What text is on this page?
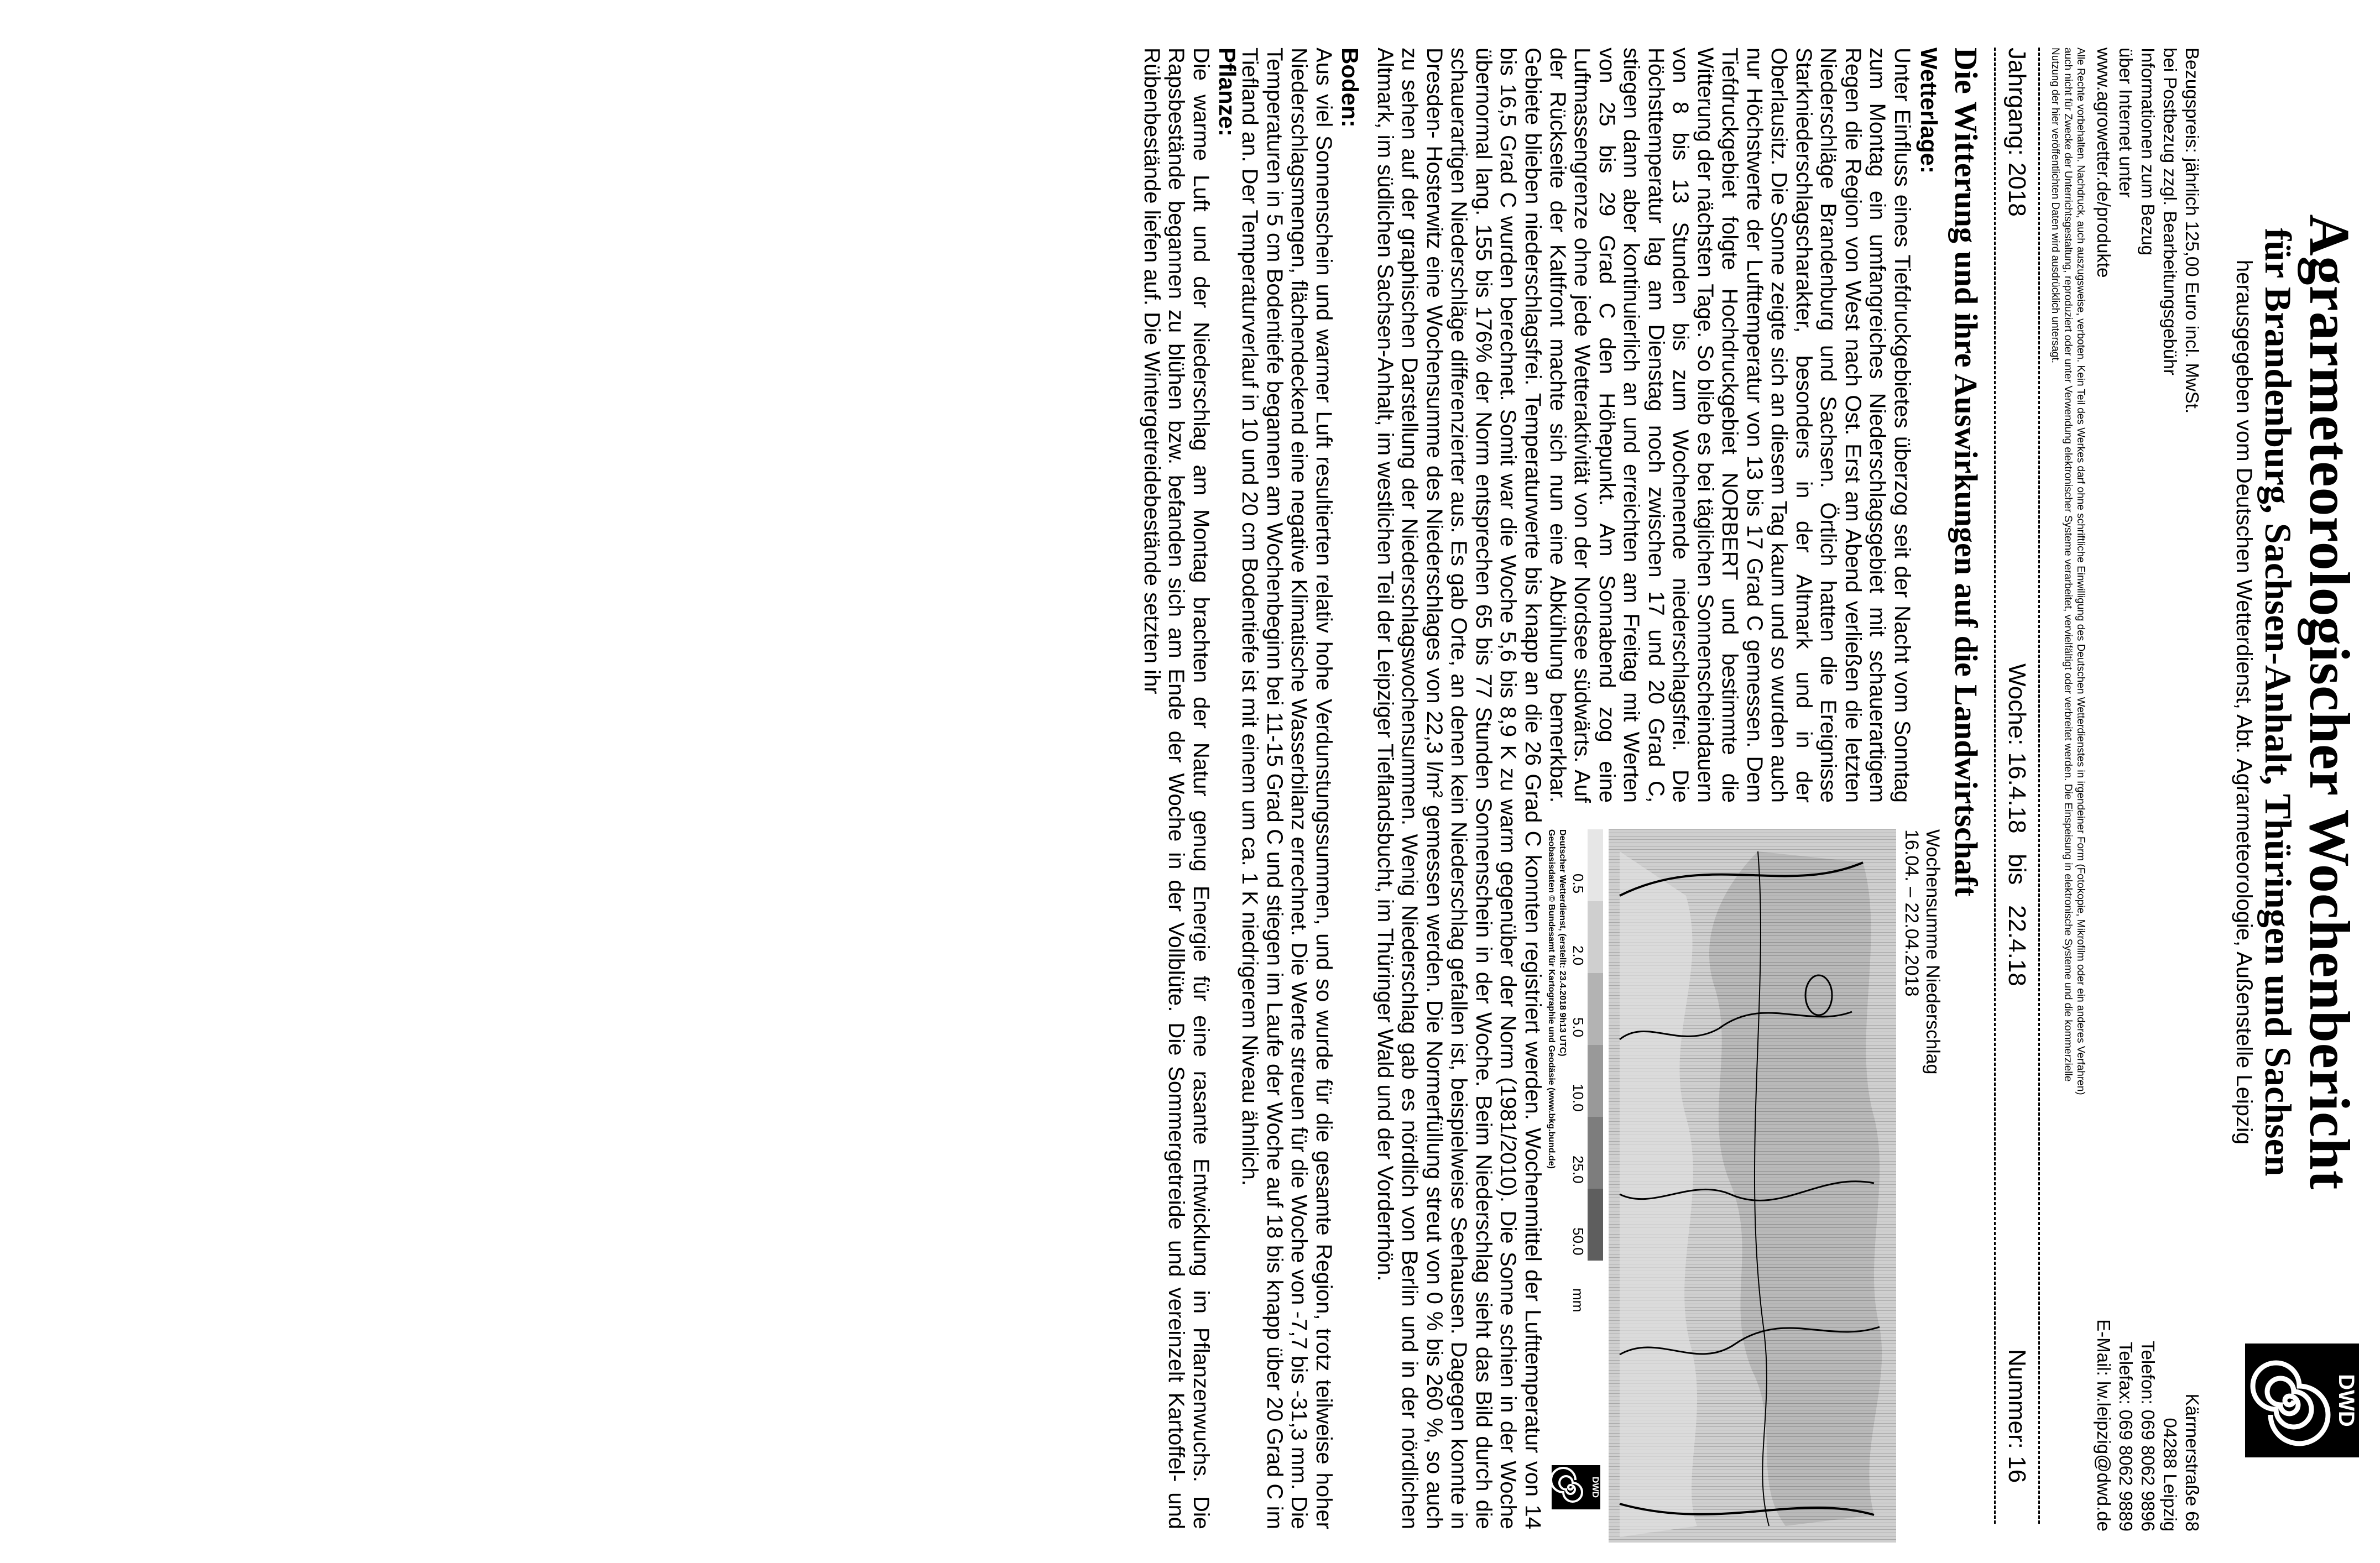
Agrarmeteorologischer Wochenbericht
für Brandenburg, Sachsen-Anhalt, Thüringen und Sachsen
herausgegeben vom Deutschen Wetterdienst, Abt. Agrarmeteorologie, Außenstelle Leipzig
DWD
Bezugspreis: jährlich 125,00 Euro incl. MwSt.
bei Postbezug zzgl. Bearbeitungsgebühr
Informationen zum Bezug
über Internet unter
www.agrowetter.de/produkte
Kärrnerstraße 68
04288 Leipzig
Telefon: 069 8062 9896
Telefax: 069 8062 9889
E-Mail: lw.leipzig@dwd.de
Alle Rechte vorbehalten. Nachdruck, auch auszugsweise, verboten. Kein Teil des Werkes darf ohne schriftliche Einwilligung des Deutschen Wetterdienstes in irgendeiner Form (Fotokopie, Mikrofilm oder ein anderes Verfahren)
auch nicht für Zwecke der Unterrichtsgestaltung, reproduziert oder unter Verwendung elektronischer Systeme verarbeitet, vervielfältigt oder verbreitet werden. Die Einspeisung in elektronische Systeme und die kommerzielle
Nutzung der hier veröffentlichten Daten wird ausdrücklich untersagt.
Jahrgang: 2018
Woche: 16.4.18   bis   22.4.18
Nummer: 16
Die Witterung und ihre Auswirkungen auf die Landwirtschaft
Wetterlage:

Unter Einfluss eines Tiefdruckgebietes überzog seit der Nacht vom Sonntag zum Montag ein umfangreiches Niederschlagsgebiet mit schauerartigem Regen die Region von West nach Ost. Erst am Abend verließen die letzten Niederschläge Brandenburg und Sachsen. Örtlich hatten die Ereignisse Starkniederschlagscharakter, besonders in der Altmark und in der Oberlausitz. Die Sonne zeigte sich an diesem Tag kaum und so wurden auch nur Höchstwerte der Lufttemperatur von 13 bis 17 Grad C gemessen. Dem Tiefdruckgebiet folgte Hochdruckgebiet NORBERT und bestimmte die Witterung der nächsten Tage. So blieb es bei täglichen Sonnenscheindauern von 8 bis 13 Stunden bis zum Wochenende niederschlagsfrei. Die Höchsttemperatur lag am Dienstag noch zwischen 17 und 20 Grad C, stiegen dann aber kontinuierlich an und erreichten am Freitag mit Werten von 25 bis 29 Grad C den Höhepunkt. Am Sonnabend zog eine Luftmassengrenze ohne jede Wetteraktivität von der Nordsee südwärts. Auf der Rückseite der Kaltfront machte sich nun eine Abkühlung bemerkbar.

Wochensumme Niederschlag
16.04. – 22.04.2018
0.5
2.0
5.0
10.0
25.0
50.0
mm
Deutscher Wetterdienst, (erstellt: 23.4.2018 9h13 UTC)
Geobasisdaten © Bundesamt für Kartographie und Geodäsie (www.bkg.bund.de)
DWD

Gebiete blieben niederschlagsfrei. Temperaturwerte bis knapp an die 26 Grad C konnten registriert werden. Wochenmittel der Lufttemperatur von 14 bis 16,5 Grad C wurden berechnet. Somit war die Woche 5,6 bis 8,9 K zu warm gegenüber der Norm (1981/2010). Die Sonne schien in der Woche übernormal lang. 155 bis 176% der Norm entsprechen 65 bis 77 Stunden Sonnenschein in der Woche. Beim Niederschlag sieht das Bild durch die schauerartigen Niederschläge differenzierter aus. Es gab Orte, an denen kein Niederschlag gefallen ist, beispielweise Seehausen. Dagegen konnte in Dresden- Hosterwitz eine Wochensumme des Niederschlages von 22,3 l/m² gemessen werden. Die Normerfüllung streut von 0 % bis 260 %, so auch zu sehen auf der graphischen Darstellung der Niederschlagswochensummen. Wenig Niederschlag gab es nördlich von Berlin und in der nördlichen Altmark, im südlichen Sachsen-Anhalt, im westlichen Teil der Leipziger Tieflandsbucht, im Thüringer Wald und der Vorderrhön.

Boden:

Aus viel Sonnenschein und warmer Luft resultierten relativ hohe Verdunstungssummen, und so wurde für die gesamte Region, trotz teilweise hoher Niederschlagsmengen, flächendeckend eine negative Klimatische Wasserbilanz errechnet. Die Werte streuen für die Woche von -7,7 bis -31,3 mm. Die Temperaturen in 5 cm Bodentiefe begannen am Wochenbeginn bei 11-15 Grad C und stiegen im Laufe der Woche auf 18 bis knapp über 20 Grad C im Tiefland an. Der Temperaturverlauf in 10 und 20 cm Bodentiefe ist mit einem um ca. 1 K niedrigerem Niveau ähnlich.

Pflanze:

Die warme Luft und der Niederschlag am Montag brachten der Natur genug Energie für eine rasante Entwicklung im Pflanzenwuchs. Die Rapsbestände begannen zu blühen bzw. befanden sich am Ende der Woche in der Vollblüte. Die Sommergetreide und vereinzelt Kartoffel- und Rübenbestände liefen auf. Die Wintergetreidebestände setzten ihr
